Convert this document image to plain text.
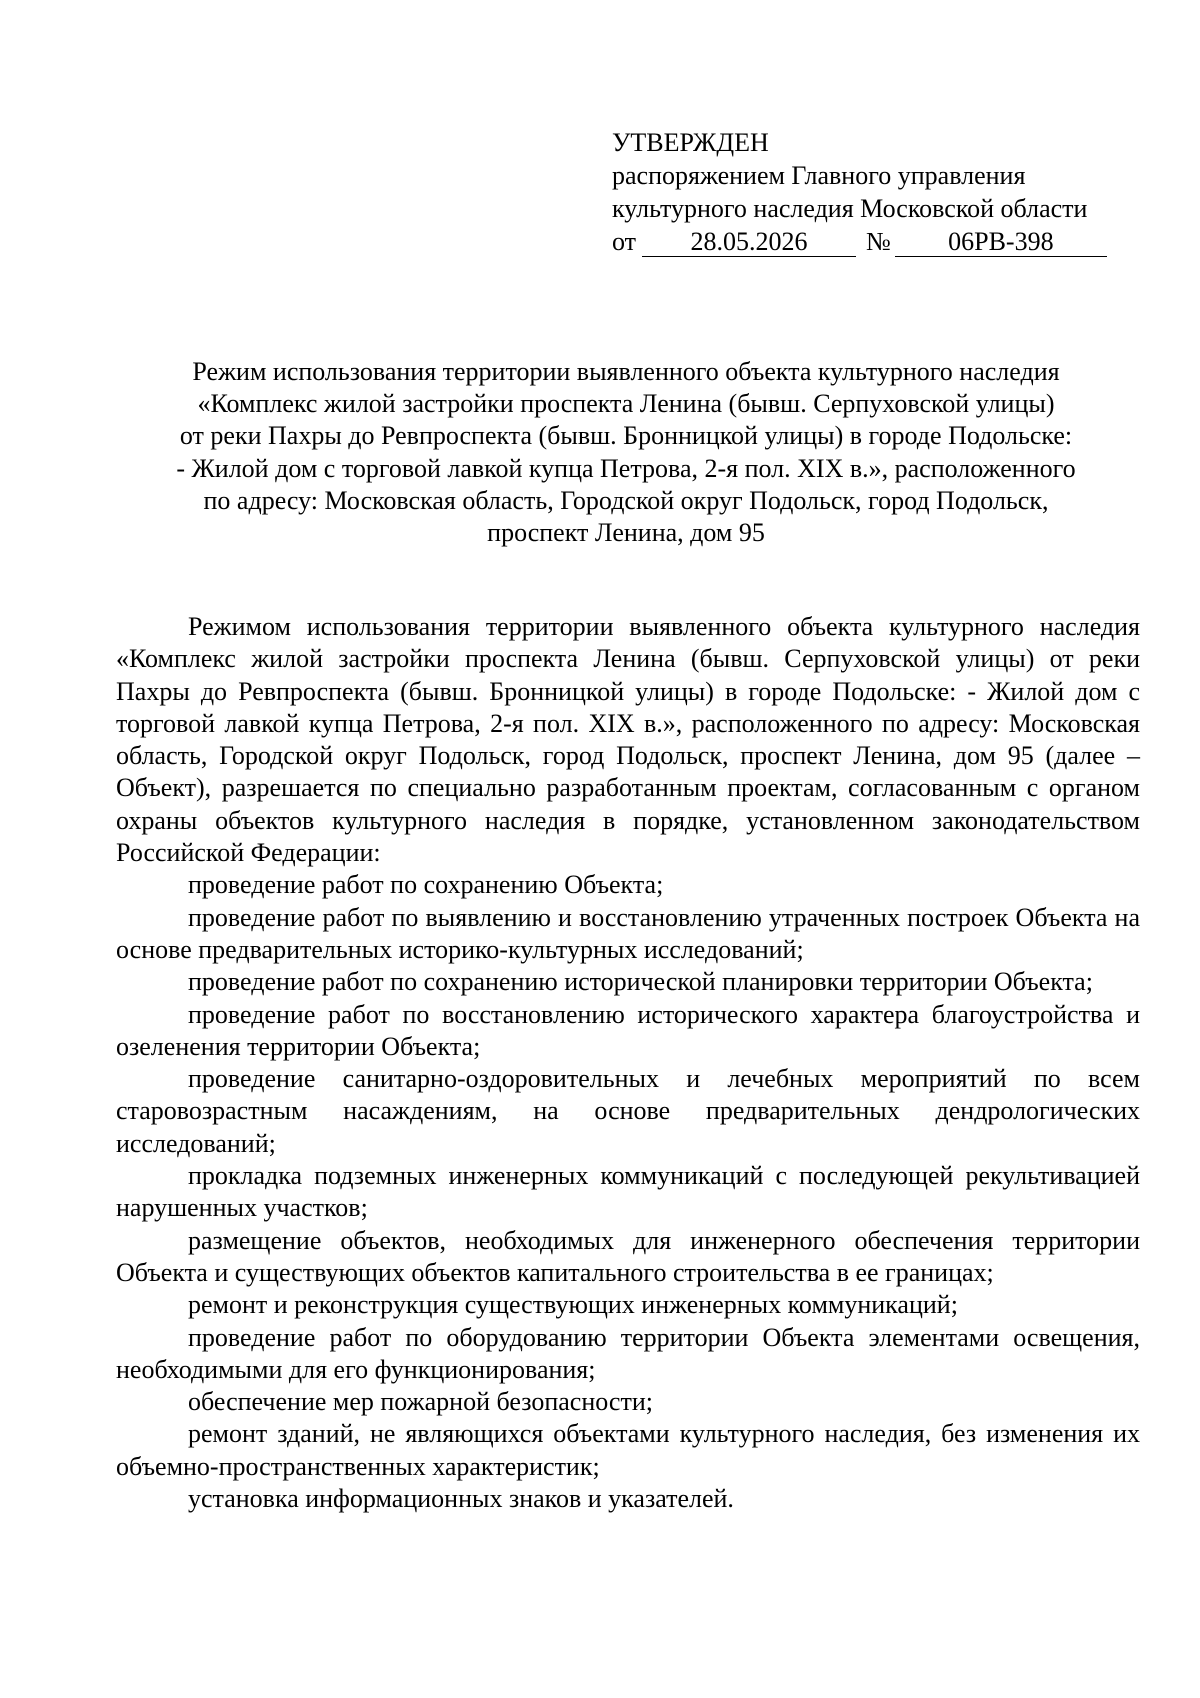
УТВЕРЖДЕН
распоряжением Главного управления
культурного наследия Московской области
от 28.05.2026 № 06РВ-398
Режим использования территории выявленного объекта культурного наследия
«Комплекс жилой застройки проспекта Ленина (бывш. Серпуховской улицы)
от реки Пахры до Ревпроспекта (бывш. Бронницкой улицы) в городе Подольске:
- Жилой дом с торговой лавкой купца Петрова, 2-я пол. XIX в.», расположенного
по адресу: Московская область, Городской округ Подольск, город Подольск,
проспект Ленина, дом 95

Режимом использования территории выявленного объекта культурного наследия «Комплекс жилой застройки проспекта Ленина (бывш. Серпуховской улицы) от реки Пахры до Ревпроспекта (бывш. Бронницкой улицы) в городе Подольске: - Жилой дом с торговой лавкой купца Петрова, 2-я пол. XIX в.», расположенного по адресу: Московская область, Городской округ Подольск, город Подольск, проспект Ленина, дом 95 (далее – Объект), разрешается по специально разработанным проектам, согласованным с органом охраны объектов культурного наследия в порядке, установленном законодательством Российской Федерации:

проведение работ по сохранению Объекта;

проведение работ по выявлению и восстановлению утраченных построек Объекта на основе предварительных историко-культурных исследований;

проведение работ по сохранению исторической планировки территории Объекта;

проведение работ по восстановлению исторического характера благоустройства и озеленения территории Объекта;

проведение санитарно-оздоровительных и лечебных мероприятий по всем старовозрастным насаждениям, на основе предварительных дендрологических исследований;

прокладка подземных инженерных коммуникаций с последующей рекультивацией нарушенных участков;

размещение объектов, необходимых для инженерного обеспечения территории Объекта и существующих объектов капитального строительства в ее границах;

ремонт и реконструкция существующих инженерных коммуникаций;

проведение работ по оборудованию территории Объекта элементами освещения, необходимыми для его функционирования;

обеспечение мер пожарной безопасности;

ремонт зданий, не являющихся объектами культурного наследия, без изменения их объемно-пространственных характеристик;

установка информационных знаков и указателей.
